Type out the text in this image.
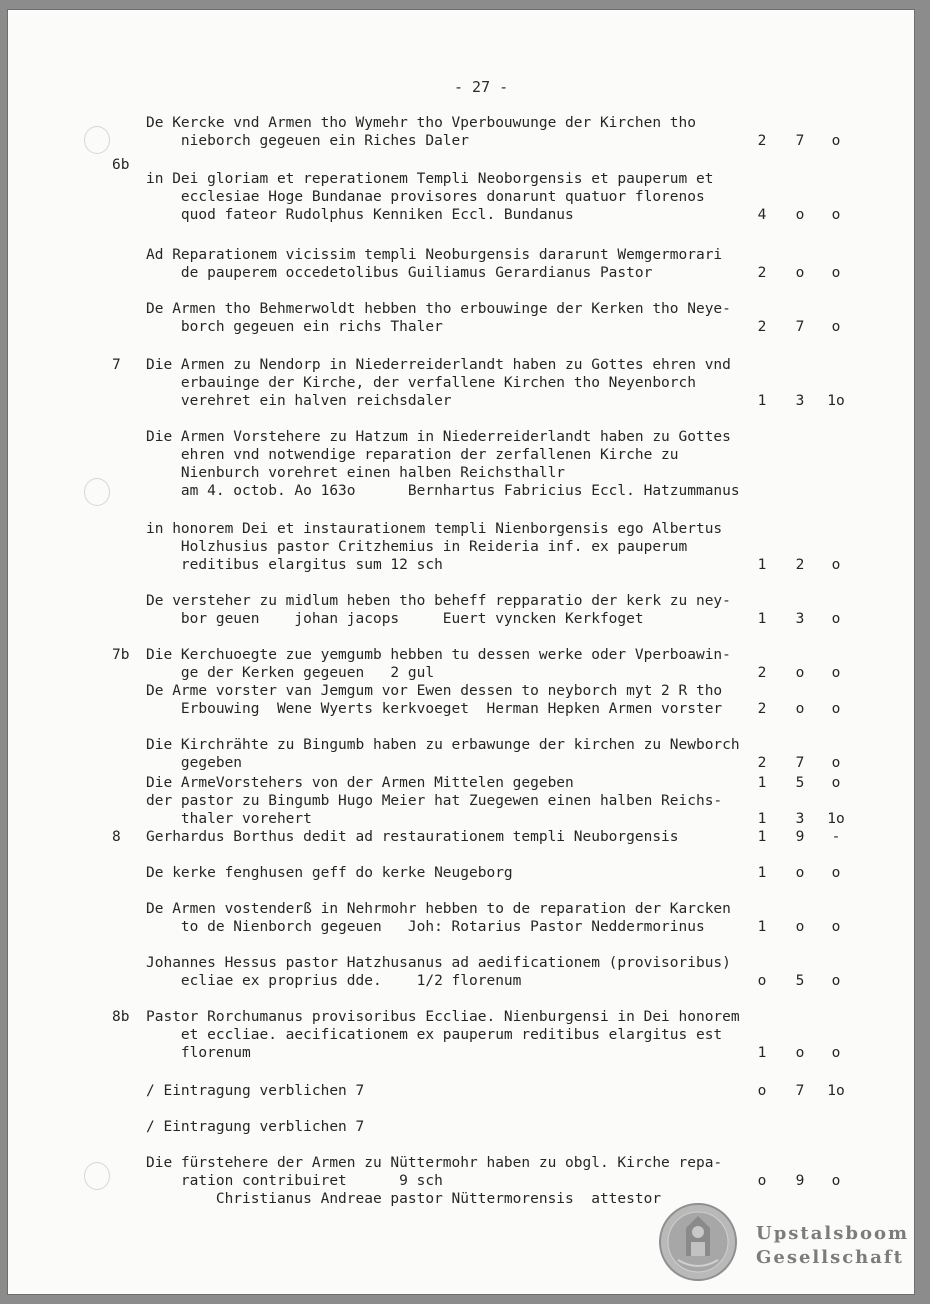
- 27 -
De Kercke vnd Armen tho Wymehr tho Vperbouwunge der Kirchen tho
nieborch gegeuen ein Riches Daler	2	7	o
6b
in Dei gloriam et reperationem Templi Neoborgensis et pauperum et
ecclesiae Hoge Bundanae provisores donarunt quatuor florenos
quod fateor Rudolphus Kenniken Eccl. Bundanus	4	o	o
Ad Reparationem vicissim templi Neoburgensis dararunt Wemgermorari
de pauperem occedetolibus Guiliamus Gerardianus Pastor	2	o	o
De Armen tho Behmerwoldt hebben tho erbouwinge der Kerken tho Neye-
borch gegeuen ein richs Thaler	2	7	o
7 Die Armen zu Nendorp in Niederreiderlandt haben zu Gottes ehren vnd
erbauinge der Kirche, der verfallene Kirchen tho Neyenborch
verehret ein halven reichsdaler	1	3	1o
Die Armen Vorstehere zu Hatzum in Niederreiderlandt haben zu Gottes
ehren vnd notwendige reparation der zerfallenen Kirche zu
Nienburch vorehret einen halben Reichsthallr
am 4. octob. Ao 163o      Bernhartus Fabricius Eccl. Hatzummanus
in honorem Dei et instaurationem templi Nienborgensis ego Albertus
Holzhusius pastor Critzhemius in Reideria inf. ex pauperum
reditibus elargitus sum 12 sch	1	2	o
De versteher zu midlum heben tho beheff repparatio der kerk zu ney-
bor geuen    johan jacops     Euert vyncken Kerkfoget	1	3	o
7b Die Kerchuoegte zue yemgumb hebben tu dessen werke oder Vperboawin-
ge der Kerken gegeuen   2 gul	2	o	o
De Arme vorster van Jemgum vor Ewen dessen to neyborch myt 2 R tho
Erbouwing  Wene Wyerts kerkvoeget  Herman Hepken Armen vorster	2	o	o
Die Kirchrähte zu Bingumb haben zu erbawunge der kirchen zu Newborch
gegeben	2	7	o
Die ArmeVorstehers von der Armen Mittelen gegeben	1	5	o
der pastor zu Bingumb Hugo Meier hat Zuegewen einen halben Reichs-
thaler vorehert	1	3	1o
8 Gerhardus Borthus dedit ad restaurationem templi Neuborgensis	1	9	-
De kerke fenghusen geff do kerke Neugeborg	1	o	o
De Armen vostenderß in Nehrmohr hebben to de reparation der Karcken
to de Nienborch gegeuen   Joh: Rotarius Pastor Neddermorinus	1	o	o
Johannes Hessus pastor Hatzhusanus ad aedificationem (provisoribus)
ecliae ex proprius dde.    1/2 florenum	o	5	o
8b Pastor Rorchumanus provisoribus Eccliae. Nienburgensi in Dei honorem
et eccliae. aecificationem ex pauperum reditibus elargitus est
florenum	1	o	o
/ Eintragung verblichen 7	o	7	1o
/ Eintragung verblichen 7
Die fürstehere der Armen zu Nüttermohr haben zu obgl. Kirche repa-
ration contribuiret      9 sch	o	9	o
Christianus Andreae pastor Nüttermorensis  attestor
Upstalsboom
Gesellschaft
